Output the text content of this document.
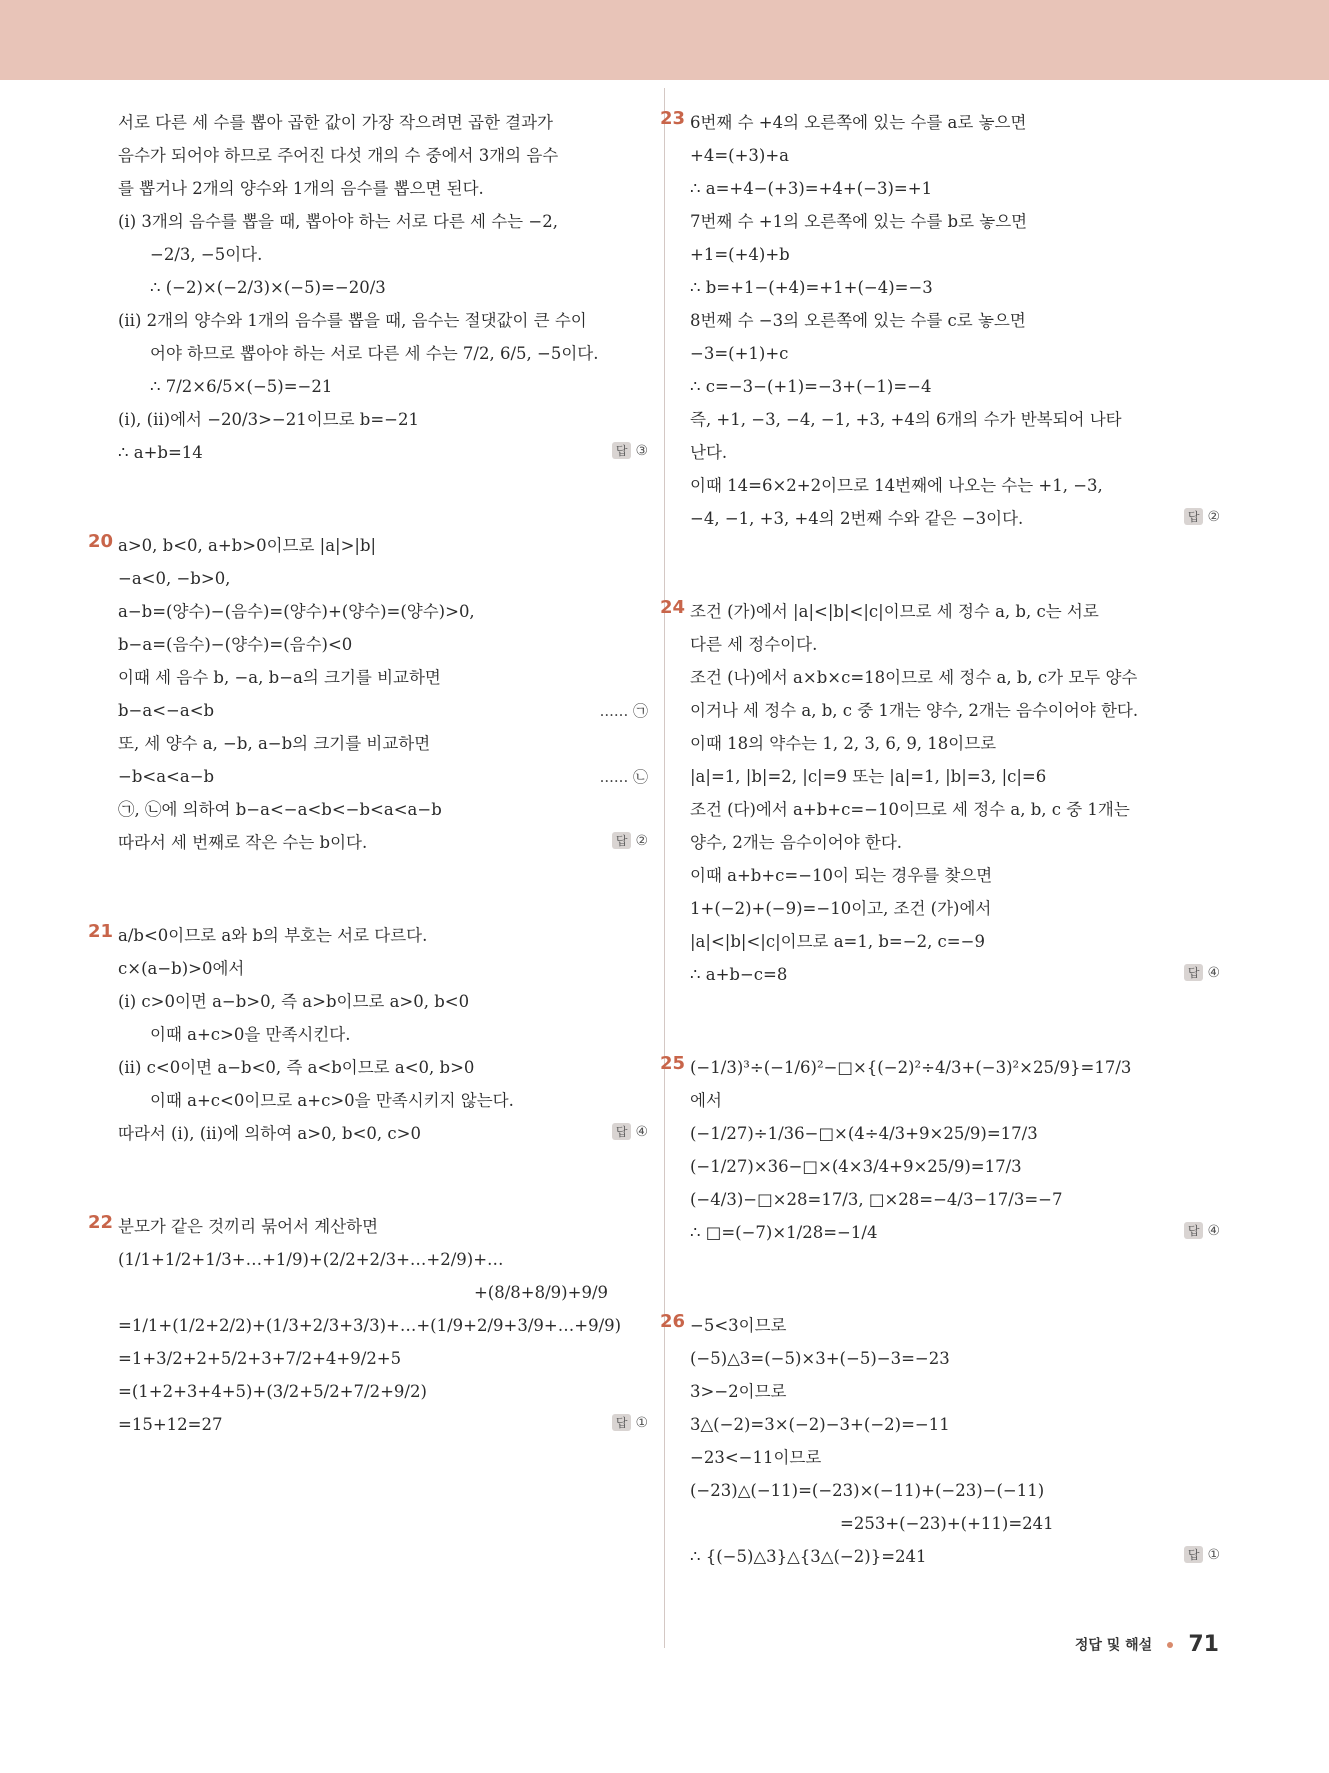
서로 다른 세 수를 뽑아 곱한 값이 가장 작으려면 곱한 결과가
음수가 되어야 하므로 주어진 다섯 개의 수 중에서 3개의 음수
를 뽑거나 2개의 양수와 1개의 음수를 뽑으면 된다.
(ⅰ) 3개의 음수를 뽑을 때, 뽑아야 하는 서로 다른 세 수는 −2,
−2/3, −5이다.
∴ (−2)×(−2/3)×(−5)=−20/3
(ⅱ) 2개의 양수와 1개의 음수를 뽑을 때, 음수는 절댓값이 큰 수이
어야 하므로 뽑아야 하는 서로 다른 세 수는 7/2, 6/5, −5이다.
∴ 7/2×6/5×(−5)=−21
(ⅰ), (ⅱ)에서 −20/3>−21이므로 b=−21
∴ a+b=14	답 ③
20 a>0, b<0, a+b>0이므로 |a|>|b|
−a<0, −b>0,
a−b=(양수)−(음수)=(양수)+(양수)=(양수)>0,
b−a=(음수)−(양수)=(음수)<0
이때 세 음수 b, −a, b−a의 크기를 비교하면
b−a<−a<b	...... ㉠
또, 세 양수 a, −b, a−b의 크기를 비교하면
−b<a<a−b	...... ㉡
㉠, ㉡에 의하여 b−a<−a<b<−b<a<a−b
따라서 세 번째로 작은 수는 b이다.	답 ②
21 a/b<0이므로 a와 b의 부호는 서로 다르다.
c×(a−b)>0에서
(ⅰ) c>0이면 a−b>0, 즉 a>b이므로 a>0, b<0
이때 a+c>0을 만족시킨다.
(ⅱ) c<0이면 a−b<0, 즉 a<b이므로 a<0, b>0
이때 a+c<0이므로 a+c>0을 만족시키지 않는다.
따라서 (ⅰ), (ⅱ)에 의하여 a>0, b<0, c>0	답 ④
22 분모가 같은 것끼리 묶어서 계산하면
(1/1+1/2+1/3+…+1/9)+(2/2+2/3+…+2/9)+…
+(8/8+8/9)+9/9
=1/1+(1/2+2/2)+(1/3+2/3+3/3)+…+(1/9+2/9+3/9+…+9/9)
=1+3/2+2+5/2+3+7/2+4+9/2+5
=(1+2+3+4+5)+(3/2+5/2+7/2+9/2)
=15+12=27	답 ①
23 6번째 수 +4의 오른쪽에 있는 수를 a로 놓으면
+4=(+3)+a
∴ a=+4−(+3)=+4+(−3)=+1
7번째 수 +1의 오른쪽에 있는 수를 b로 놓으면
+1=(+4)+b
∴ b=+1−(+4)=+1+(−4)=−3
8번째 수 −3의 오른쪽에 있는 수를 c로 놓으면
−3=(+1)+c
∴ c=−3−(+1)=−3+(−1)=−4
즉, +1, −3, −4, −1, +3, +4의 6개의 수가 반복되어 나타
난다.
이때 14=6×2+2이므로 14번째에 나오는 수는 +1, −3,
−4, −1, +3, +4의 2번째 수와 같은 −3이다.	답 ②
24 조건 (가)에서 |a|<|b|<|c|이므로 세 정수 a, b, c는 서로
다른 세 정수이다.
조건 (나)에서 a×b×c=18이므로 세 정수 a, b, c가 모두 양수
이거나 세 정수 a, b, c 중 1개는 양수, 2개는 음수이어야 한다.
이때 18의 약수는 1, 2, 3, 6, 9, 18이므로
|a|=1, |b|=2, |c|=9 또는 |a|=1, |b|=3, |c|=6
조건 (다)에서 a+b+c=−10이므로 세 정수 a, b, c 중 1개는
양수, 2개는 음수이어야 한다.
이때 a+b+c=−10이 되는 경우를 찾으면
1+(−2)+(−9)=−10이고, 조건 (가)에서
|a|<|b|<|c|이므로 a=1, b=−2, c=−9
∴ a+b−c=8	답 ④
25 (−1/3)³÷(−1/6)²−□×{(−2)²÷4/3+(−3)²×25/9}=17/3
에서
(−1/27)÷1/36−□×(4÷4/3+9×25/9)=17/3
(−1/27)×36−□×(4×3/4+9×25/9)=17/3
(−4/3)−□×28=17/3, □×28=−4/3−17/3=−7
∴ □=(−7)×1/28=−1/4	답 ④
26 −5<3이므로
(−5)△3=(−5)×3+(−5)−3=−23
3>−2이므로
3△(−2)=3×(−2)−3+(−2)=−11
−23<−11이므로
(−23)△(−11)=(−23)×(−11)+(−23)−(−11)
=253+(−23)+(+11)=241
∴ {(−5)△3}△{3△(−2)}=241	답 ①
정답 및 해설 71
